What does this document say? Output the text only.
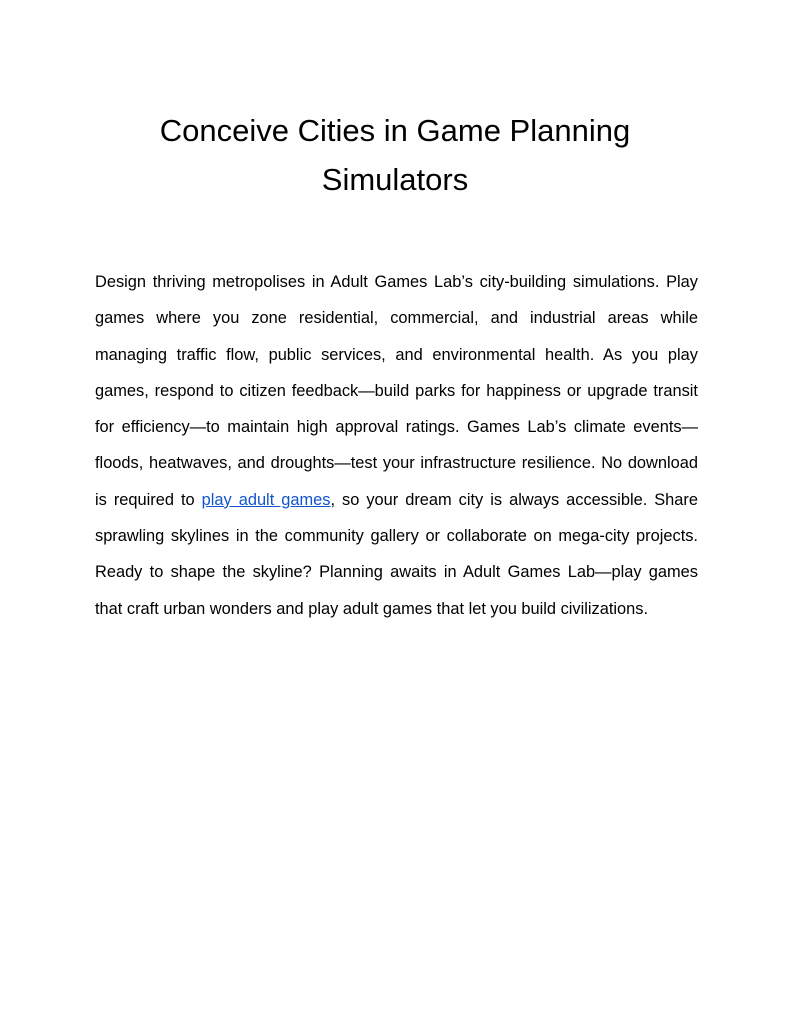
Conceive Cities in Game Planning
Simulators

Design thriving metropolises in Adult Games Lab’s city-building simulations. Play games where you zone residential, commercial, and industrial areas while managing traffic flow, public services, and environmental health. As you play games, respond to citizen feedback—build parks for happiness or upgrade transit for efficiency—to maintain high approval ratings. Games Lab’s climate events—floods, heatwaves, and droughts—test your infrastructure resilience. No download is required to play adult games, so your dream city is always accessible. Share sprawling skylines in the community gallery or collaborate on mega-city projects. Ready to shape the skyline? Planning awaits in Adult Games Lab—play games that craft urban wonders and play adult games that let you build civilizations.
